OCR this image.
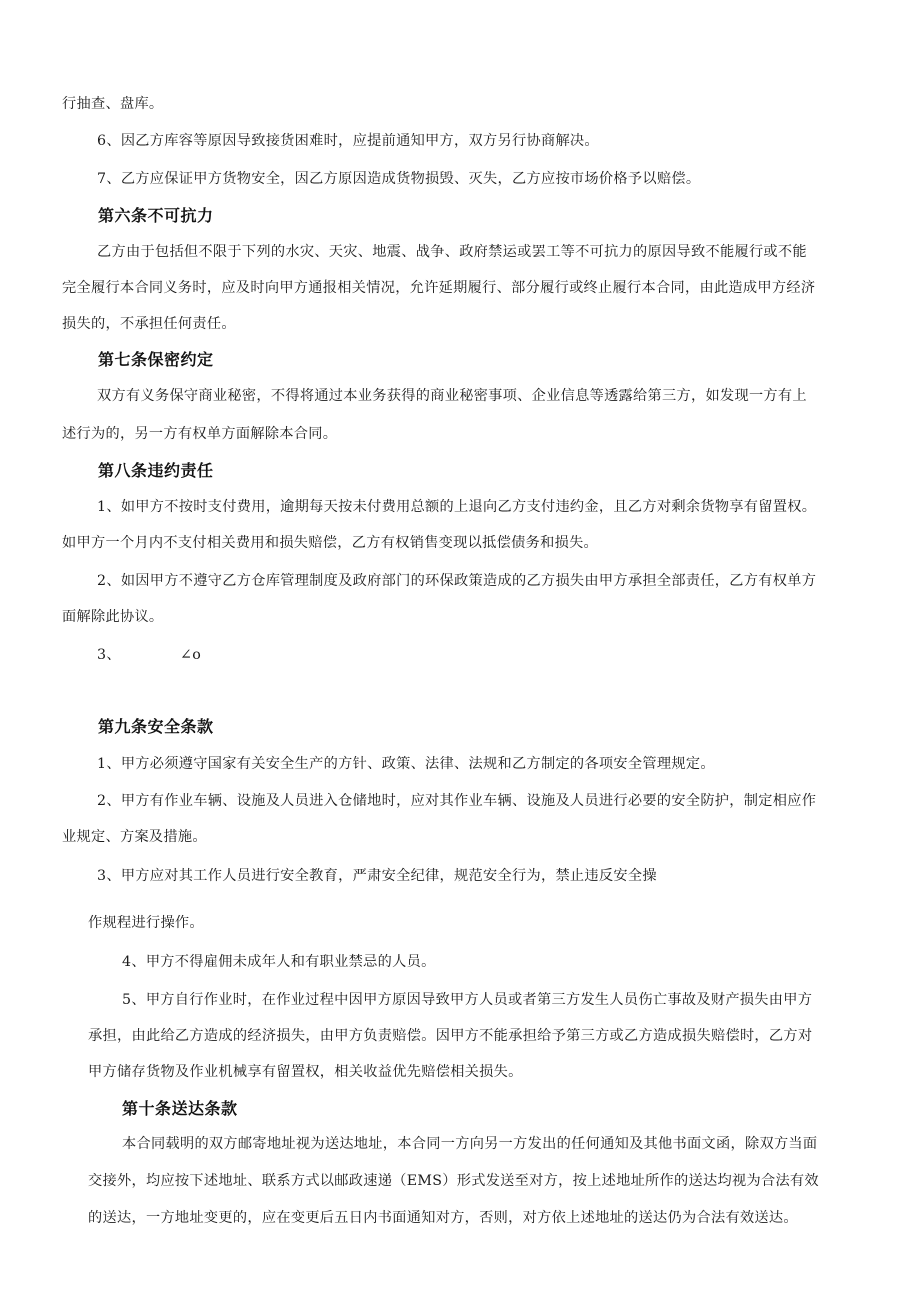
行抽查、盘库。

6、因乙方库容等原因导致接货困难时，应提前通知甲方，双方另行协商解决。

7、乙方应保证甲方货物安全，因乙方原因造成货物损毁、灭失，乙方应按市场价格予以赔偿。

第六条不可抗力

乙方由于包括但不限于下列的水灾、天灾、地震、战争、政府禁运或罢工等不可抗力的原因导致不能履行或不能

完全履行本合同义务时，应及时向甲方通报相关情况，允许延期履行、部分履行或终止履行本合同，由此造成甲方经济

损失的，不承担任何责任。

第七条保密约定

双方有义务保守商业秘密，不得将通过本业务获得的商业秘密事项、企业信息等透露给第三方，如发现一方有上

述行为的，另一方有权单方面解除本合同。

第八条违约责任

1、如甲方不按时支付费用，逾期每天按未付费用总额的上退向乙方支付违约金，且乙方对剩余货物享有留置权。

如甲方一个月内不支付相关费用和损失赔偿，乙方有权销售变现以抵偿债务和损失。

2、如因甲方不遵守乙方仓库管理制度及政府部门的环保政策造成的乙方损失由甲方承担全部责任，乙方有权单方

面解除此协议。

3、	∠o

第九条安全条款

1、甲方必须遵守国家有关安全生产的方针、政策、法律、法规和乙方制定的各项安全管理规定。

2、甲方有作业车辆、设施及人员进入仓储地时，应对其作业车辆、设施及人员进行必要的安全防护，制定相应作

业规定、方案及措施。

3、甲方应对其工作人员进行安全教育，严肃安全纪律，规范安全行为，禁止违反安全操

作规程进行操作。

4、甲方不得雇佣未成年人和有职业禁忌的人员。

5、甲方自行作业时，在作业过程中因甲方原因导致甲方人员或者第三方发生人员伤亡事故及财产损失由甲方

承担，由此给乙方造成的经济损失，由甲方负责赔偿。因甲方不能承担给予第三方或乙方造成损失赔偿时，乙方对

甲方储存货物及作业机械享有留置权，相关收益优先赔偿相关损失。

第十条送达条款

本合同载明的双方邮寄地址视为送达地址，本合同一方向另一方发出的任何通知及其他书面文函，除双方当面

交接外，均应按下述地址、联系方式以邮政速递（EMS）形式发送至对方，按上述地址所作的送达均视为合法有效

的送达，一方地址变更的，应在变更后五日内书面通知对方，否则，对方依上述地址的送达仍为合法有效送达。
